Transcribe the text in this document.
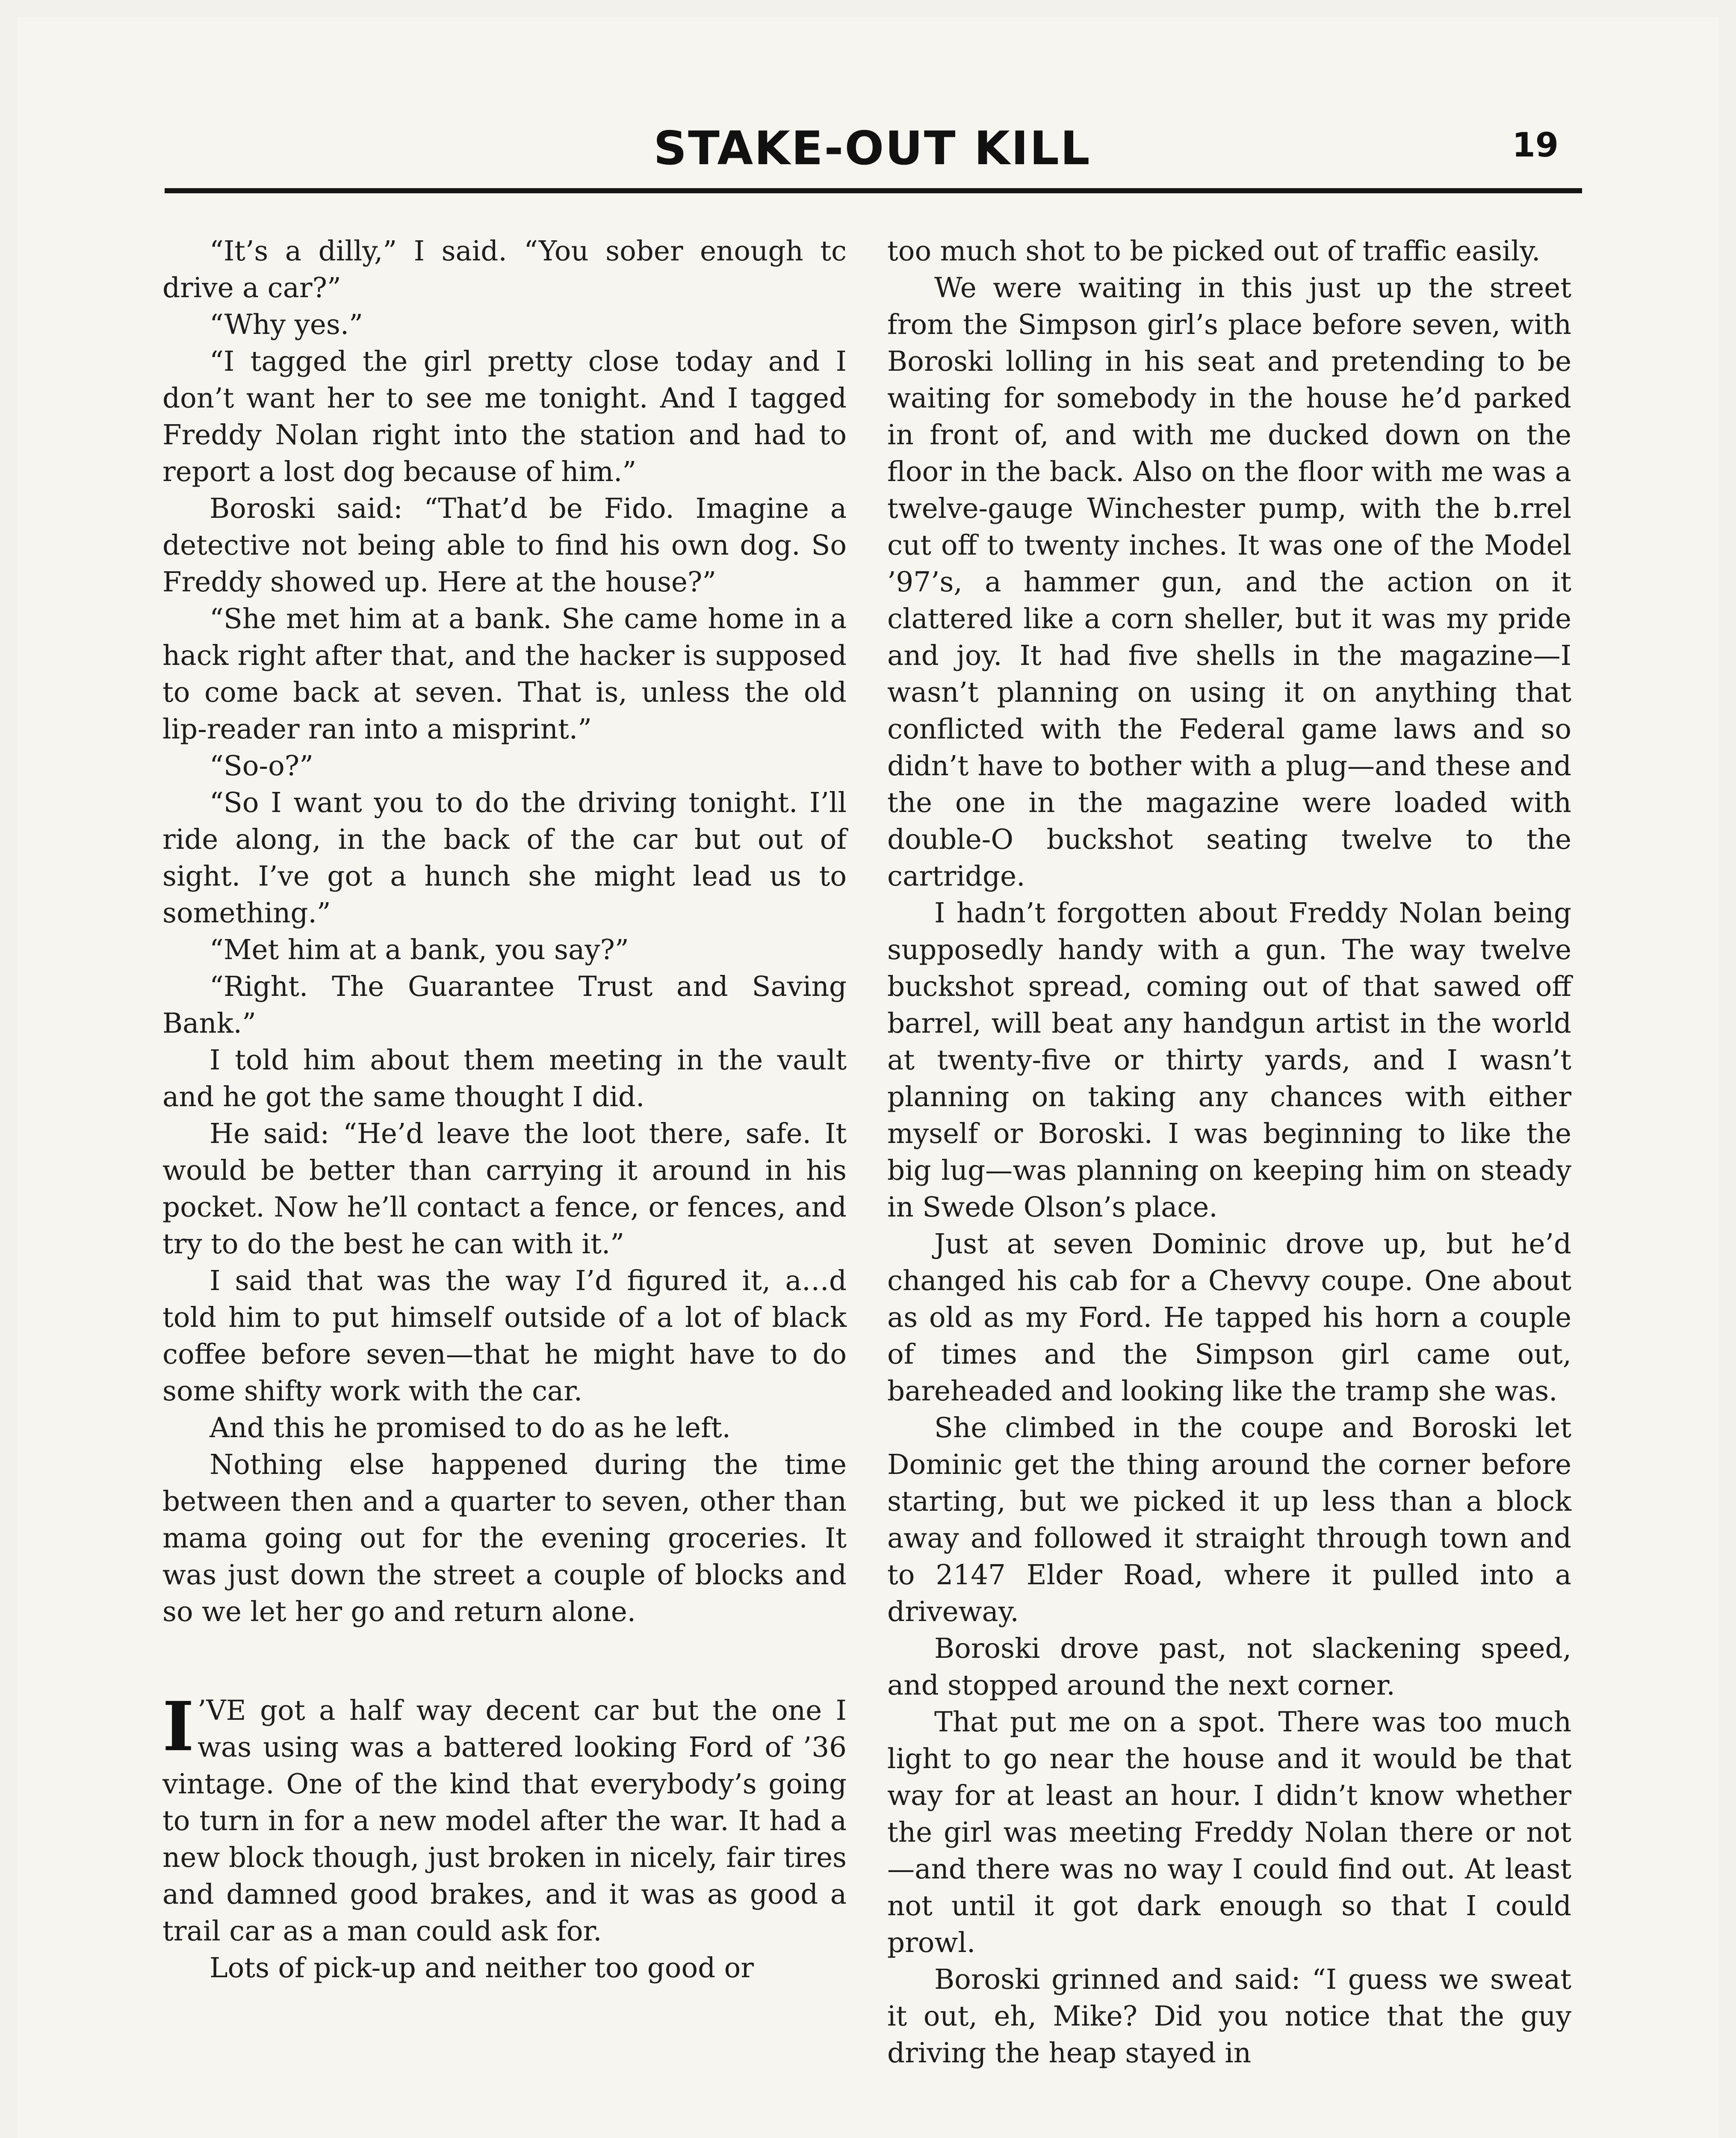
STAKE-OUT KILL	19

“It’s a dilly,” I said. “You sober enough tc drive a car?”

“Why yes.”

“I tagged the girl pretty close today and I don’t want her to see me tonight. And I tagged Freddy Nolan right into the station and had to report a lost dog because of him.”

Boroski said: “That’d be Fido. Imagine a detective not being able to find his own dog. So Freddy showed up. Here at the house?”

“She met him at a bank. She came home in a hack right after that, and the hacker is supposed to come back at seven. That is, unless the old lip-reader ran into a misprint.”

“So-o?”

“So I want you to do the driving tonight. I’ll ride along, in the back of the car but out of sight. I’ve got a hunch she might lead us to something.”

“Met him at a bank, you say?”

“Right. The Guarantee Trust and Saving Bank.”

I told him about them meeting in the vault and he got the same thought I did.

He said: “He’d leave the loot there, safe. It would be better than carrying it around in his pocket. Now he’ll contact a fence, or fences, and try to do the best he can with it.”

I said that was the way I’d figured it, a…d told him to put himself outside of a lot of black coffee before seven—that he might have to do some shifty work with the car.

And this he promised to do as he left.

Nothing else happened during the time between then and a quarter to seven, other than mama going out for the evening groceries. It was just down the street a couple of blocks and so we let her go and return alone.

I ’VE got a half way decent car but the one I was using was a battered looking Ford of ’36 vintage. One of the kind that everybody’s going to turn in for a new model after the war. It had a new block though, just broken in nicely, fair tires and damned good brakes, and it was as good a trail car as a man could ask for.

Lots of pick-up and neither too good or

too much shot to be picked out of traffic easily.

We were waiting in this just up the street from the Simpson girl’s place before seven, with Boroski lolling in his seat and pretending to be waiting for somebody in the house he’d parked in front of, and with me ducked down on the floor in the back. Also on the floor with me was a twelve-gauge Winchester pump, with the b.rrel cut off to twenty inches. It was one of the Model ’97’s, a hammer gun, and the action on it clattered like a corn sheller, but it was my pride and joy. It had five shells in the magazine—I wasn’t planning on using it on anything that conflicted with the Federal game laws and so didn’t have to bother with a plug—and these and the one in the magazine were loaded with double-O buckshot seating twelve to the cartridge.

I hadn’t forgotten about Freddy Nolan being supposedly handy with a gun. The way twelve buckshot spread, coming out of that sawed off barrel, will beat any handgun artist in the world at twenty-five or thirty yards, and I wasn’t planning on taking any chances with either myself or Boroski. I was beginning to like the big lug—was planning on keeping him on steady in Swede Olson’s place.

Just at seven Dominic drove up, but he’d changed his cab for a Chevvy coupe. One about as old as my Ford. He tapped his horn a couple of times and the Simpson girl came out, bareheaded and looking like the tramp she was.

She climbed in the coupe and Boroski let Dominic get the thing around the corner before starting, but we picked it up less than a block away and followed it straight through town and to 2147 Elder Road, where it pulled into a driveway.

Boroski drove past, not slackening speed, and stopped around the next corner.

That put me on a spot. There was too much light to go near the house and it would be that way for at least an hour. I didn’t know whether the girl was meeting Freddy Nolan there or not—and there was no way I could find out. At least not until it got dark enough so that I could prowl.

Boroski grinned and said: “I guess we sweat it out, eh, Mike? Did you notice that the guy driving the heap stayed in
